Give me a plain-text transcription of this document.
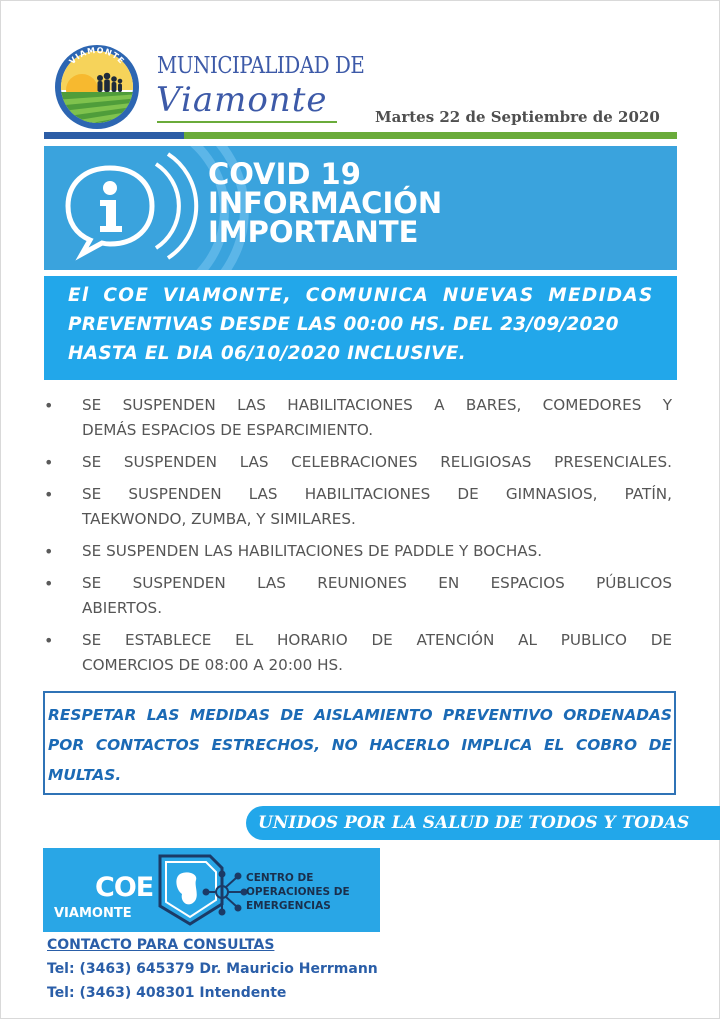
VIAMONTE MUNICIPALIDAD DE
Viamonte	Martes 22 de Septiembre de 2020
COVID 19
INFORMACIÓN
IMPORTANTE
El COE VIAMONTE, COMUNICA NUEVAS MEDIDAS
PREVENTIVAS DESDE LAS 00:00 HS. DEL 23/09/2020
HASTA EL DIA 06/10/2020 INCLUSIVE.
• SE SUSPENDEN LAS HABILITACIONES A BARES, COMEDORES Y
DEMÁS ESPACIOS DE ESPARCIMIENTO.
• SE SUSPENDEN LAS CELEBRACIONES RELIGIOSAS PRESENCIALES.
• SE SUSPENDEN LAS HABILITACIONES DE GIMNASIOS, PATÍN,
TAEKWONDO, ZUMBA, Y SIMILARES.
• SE SUSPENDEN LAS HABILITACIONES DE PADDLE Y BOCHAS.
• SE SUSPENDEN LAS REUNIONES EN ESPACIOS PÚBLICOS
ABIERTOS.
• SE ESTABLECE EL HORARIO DE ATENCIÓN AL PUBLICO DE
COMERCIOS DE 08:00 A 20:00 HS.
RESPETAR LAS MEDIDAS DE AISLAMIENTO PREVENTIVO ORDENADAS
POR CONTACTOS ESTRECHOS, NO HACERLO IMPLICA EL COBRO DE
MULTAS.
UNIDOS POR LA SALUD DE TODOS Y TODAS
COE
VIAMONTE
CENTRO DE
OPERACIONES DE
EMERGENCIAS
CONTACTO PARA CONSULTAS
Tel: (3463) 645379 Dr. Mauricio Herrmann
Tel: (3463) 408301 Intendente
